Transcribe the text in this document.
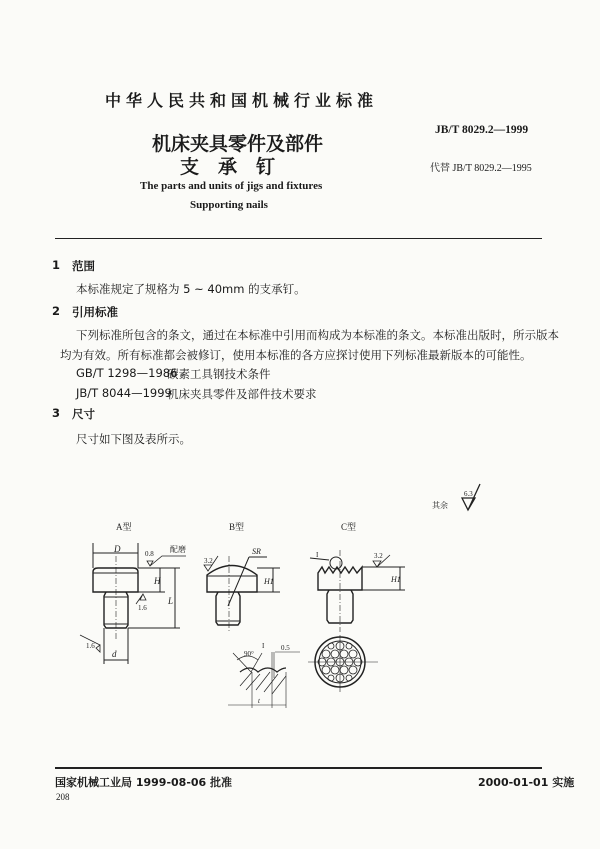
中华人民共和国机械行业标准
机床夹具零件及部件
支　承　钉
The parts and units of jigs and fixtures
Supporting nails
JB/T 8029.2—1999
代替 JB/T 8029.2—1995
1 范围
本标准规定了规格为 5 ~ 40mm 的支承钉。
2 引用标准
下列标准所包含的条文，通过在本标准中引用而构成为本标准的条文。本标准出版时，所示版本
均为有效。所有标准都会被修订，使用本标准的各方应探讨使用下列标准最新版本的可能性。
GB/T 1298—1986
碳素工具钢技术条件
JB/T 8044—1999
机床夹具零件及部件技术要求
3 尺寸
尺寸如下图及表所示。
其余
6.3
A型	B型	C型
D	0.8 配磨
H
L
1.6
1.6
d
3.2
SR
H1
I	3.2
H1
I
90°
0.5
t
国家机械工业局 1999-08-06 批准	2000-01-01 实施
208
